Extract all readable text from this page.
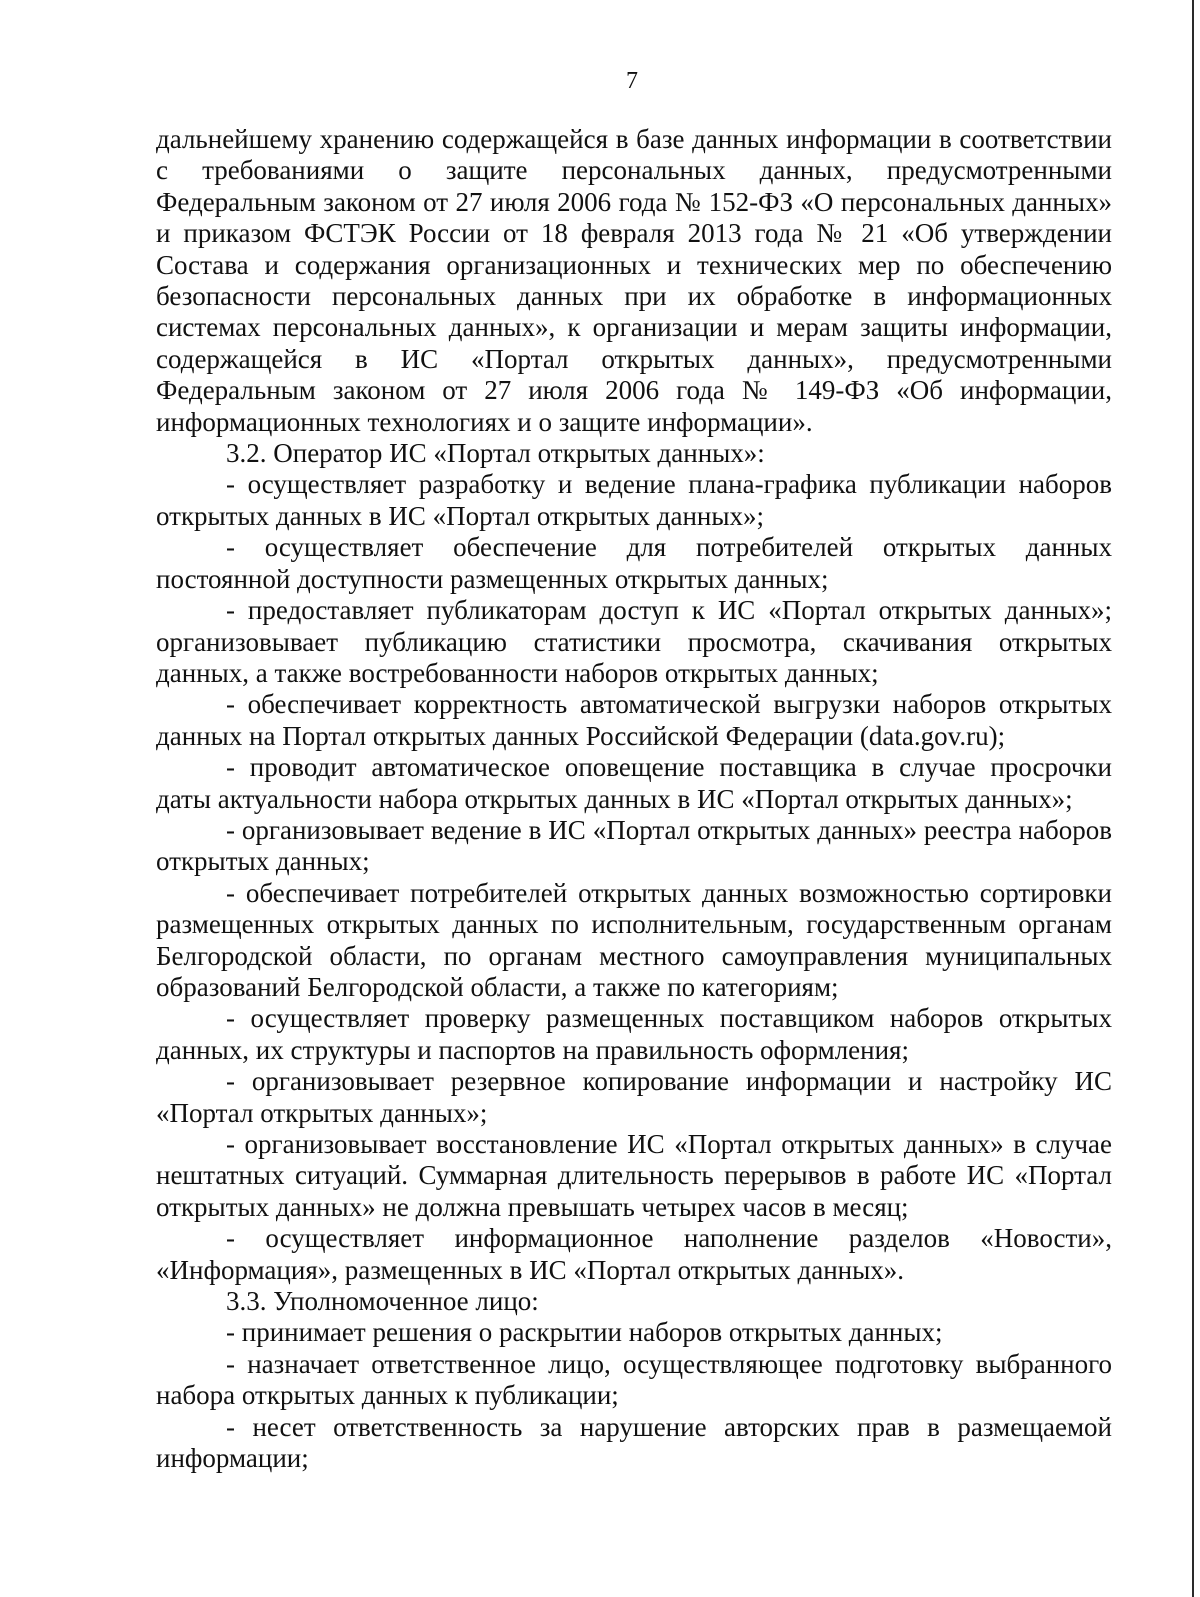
7

дальнейшему хранению содержащейся в базе данных информации в соответствии с требованиями о защите персональных данных, предусмотренными Федеральным законом от 27 июля 2006 года № 152-ФЗ «О персональных данных» и приказом ФСТЭК России от 18 февраля 2013 года № 21 «Об утверждении Состава и содержания организационных и технических мер по обеспечению безопасности персональных данных при их обработке в информационных системах персональных данных», к организации и мерам защиты информации, содержащейся в ИС «Портал открытых данных», предусмотренными Федеральным законом от 27 июля 2006 года № 149-ФЗ «Об информации, информационных технологиях и о защите информации».

3.2. Оператор ИС «Портал открытых данных»:

- осуществляет разработку и ведение плана-графика публикации наборов открытых данных в ИС «Портал открытых данных»;

- осуществляет обеспечение для потребителей открытых данных постоянной доступности размещенных открытых данных;

- предоставляет публикаторам доступ к ИС «Портал открытых данных»; организовывает публикацию статистики просмотра, скачивания открытых данных, а также востребованности наборов открытых данных;

- обеспечивает корректность автоматической выгрузки наборов открытых данных на Портал открытых данных Российской Федерации (data.gov.ru);

- проводит автоматическое оповещение поставщика в случае просрочки даты актуальности набора открытых данных в ИС «Портал открытых данных»;

- организовывает ведение в ИС «Портал открытых данных» реестра наборов открытых данных;

- обеспечивает потребителей открытых данных возможностью сортировки размещенных открытых данных по исполнительным, государственным органам Белгородской области, по органам местного самоуправления муниципальных образований Белгородской области, а также по категориям;

- осуществляет проверку размещенных поставщиком наборов открытых данных, их структуры и паспортов на правильность оформления;

- организовывает резервное копирование информации и настройку ИС «Портал открытых данных»;

- организовывает восстановление ИС «Портал открытых данных» в случае нештатных ситуаций. Суммарная длительность перерывов в работе ИС «Портал открытых данных» не должна превышать четырех часов в месяц;

- осуществляет информационное наполнение разделов «Новости», «Информация», размещенных в ИС «Портал открытых данных».

3.3. Уполномоченное лицо:

- принимает решения о раскрытии наборов открытых данных;

- назначает ответственное лицо, осуществляющее подготовку выбранного набора открытых данных к публикации;

- несет ответственность за нарушение авторских прав в размещаемой информации;
